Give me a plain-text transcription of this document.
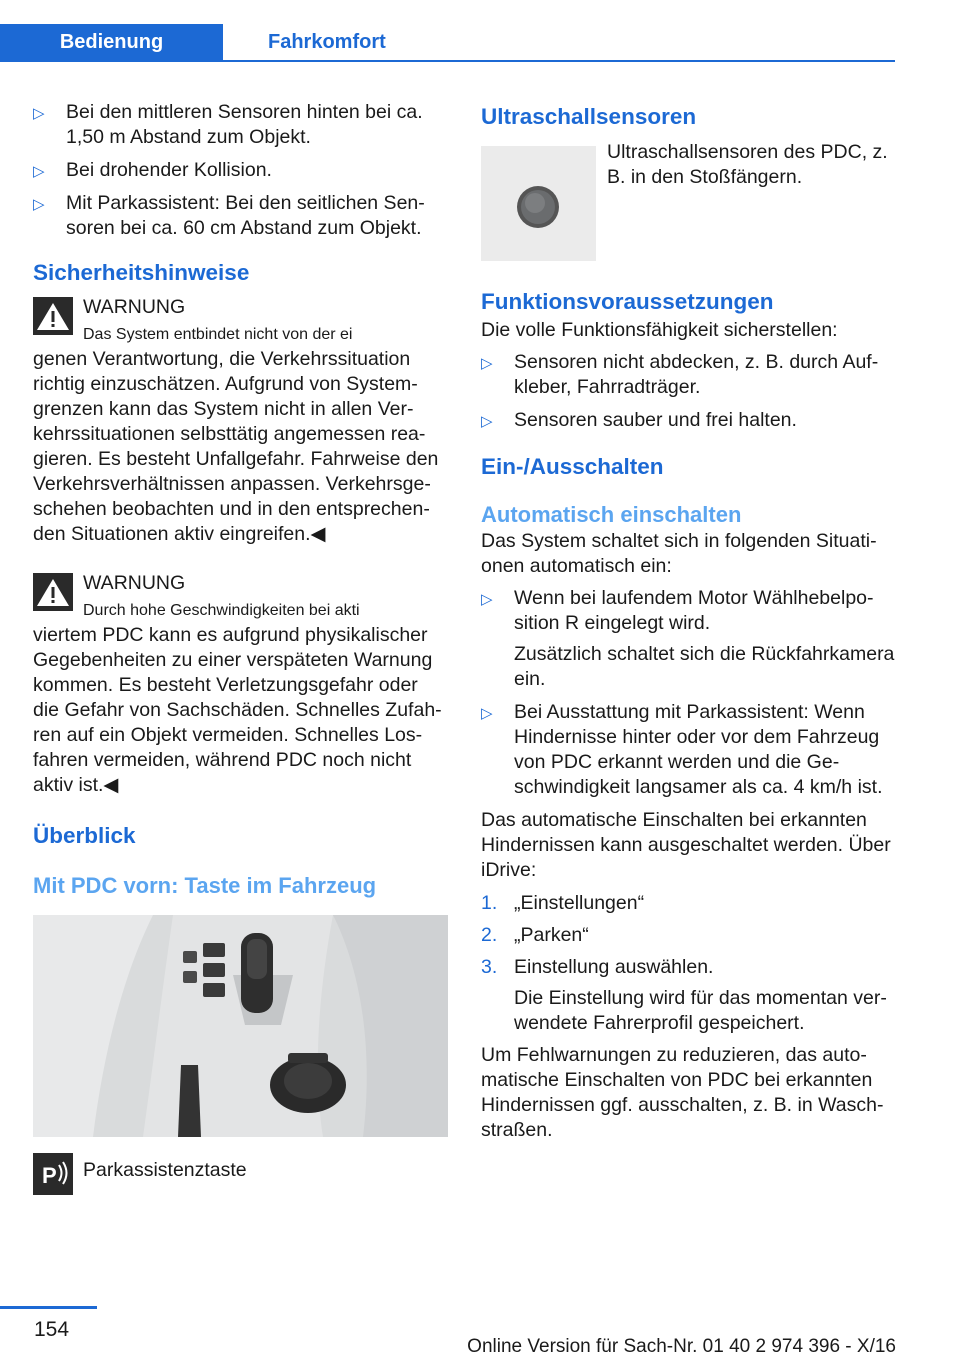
Bedienung	Fahrkomfort
▷ Bei den mittleren Sensoren hinten bei ca. 1,50 m Abstand zum Objekt.
▷ Bei drohender Kollision.
▷ Mit Parkassistent: Bei den seitlichen Sensoren bei ca. 60 cm Abstand zum Objekt.
Sicherheitshinweise
WARNUNG
Das System entbindet nicht von der ei

genen Verantwortung, die Verkehrssituation richtig einzuschätzen. Aufgrund von Systemgrenzen kann das System nicht in allen Verkehrssituationen selbsttätig angemessen reagieren. Es besteht Unfallgefahr. Fahrweise den Verkehrsverhältnissen anpassen. Verkehrsgeschehen beobachten und in den entsprechenden Situationen aktiv eingreifen.◀

WARNUNG
Durch hohe Geschwindigkeiten bei akti

viertem PDC kann es aufgrund physikalischer Gegebenheiten zu einer verspäteten Warnung kommen. Es besteht Verletzungsgefahr oder die Gefahr von Sachschäden. Schnelles Zufahren auf ein Objekt vermeiden. Schnelles Losfahren vermeiden, während PDC noch nicht aktiv ist.◀

Überblick
Mit PDC vorn: Taste im Fahrzeug
P Parkassistenztaste
Ultraschallsensoren

Ultraschallsensoren des PDC, z. B. in den Stoßfängern.

Funktionsvoraussetzungen

Die volle Funktionsfähigkeit sicherstellen:

▷ Sensoren nicht abdecken, z. B. durch Aufkleber, Fahrradträger.
▷ Sensoren sauber und frei halten.
Ein-/Ausschalten
Automatisch einschalten

Das System schaltet sich in folgenden Situationen automatisch ein:

▷ Wenn bei laufendem Motor Wählhebelposition R eingelegt wird.
Zusätzlich schaltet sich die Rückfahrkamera ein.
▷ Bei Ausstattung mit Parkassistent: Wenn Hindernisse hinter oder vor dem Fahrzeug von PDC erkannt werden und die Geschwindigkeit langsamer als ca. 4 km/h ist.

Das automatische Einschalten bei erkannten Hindernissen kann ausgeschaltet werden. Über iDrive:

1. „Einstellungen“
2. „Parken“
3. Einstellung auswählen.
Die Einstellung wird für das momentan verwendete Fahrerprofil gespeichert.

Um Fehlwarnungen zu reduzieren, das automatische Einschalten von PDC bei erkannten Hindernissen ggf. ausschalten, z. B. in Waschstraßen.

154
Online Version für Sach-Nr. 01 40 2 974 396 - X/16
